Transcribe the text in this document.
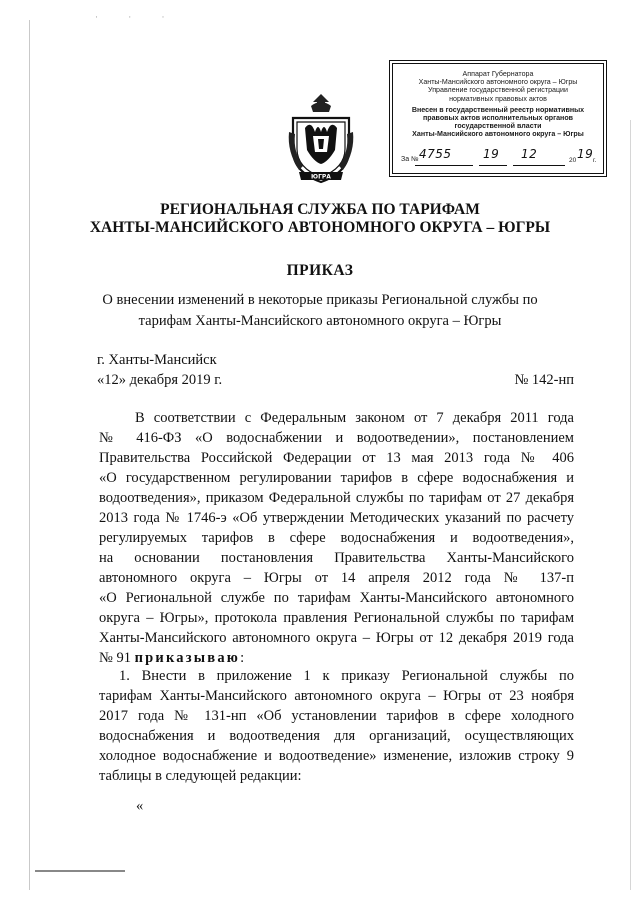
· · ·
ЮГРА
Аппарат Губернатора
Ханты-Мансийского автономного округа – Югры
Управление государственной регистрации
нормативных правовых актов
Внесен в государственный реестр нормативных
правовых актов исполнительных органов
государственной власти
Ханты-Мансийского автономного округа – Югры
За № 4755	19 12	20 19 г.
РЕГИОНАЛЬНАЯ СЛУЖБА ПО ТАРИФАМ
ХАНТЫ-МАНСИЙСКОГО АВТОНОМНОГО ОКРУГА – ЮГРЫ
ПРИКАЗ
О внесении изменений в некоторые приказы Региональной службы по
тарифам Ханты-Мансийского автономного округа – Югры
г. Ханты-Мансийск
«12» декабря 2019 г.	№ 142-нп
В соответствии с Федеральным законом от 7 декабря 2011 года
№ 416-ФЗ «О водоснабжении и водоотведении», постановлением
Правительства Российской Федерации от 13 мая 2013 года № 406
«О государственном регулировании тарифов в сфере водоснабжения и
водоотведения», приказом Федеральной службы по тарифам от 27 декабря
2013 года № 1746-э «Об утверждении Методических указаний по расчету
регулируемых тарифов в сфере водоснабжения и водоотведения»,
на основании постановления Правительства Ханты-Мансийского
автономного округа – Югры от 14 апреля 2012 года № 137-п
«О Региональной службе по тарифам Ханты-Мансийского автономного
округа – Югры», протокола правления Региональной службы по тарифам
Ханты-Мансийского автономного округа – Югры от 12 декабря 2019 года
№ 91 приказываю:
1. Внести в приложение 1 к приказу Региональной службы по
тарифам Ханты-Мансийского автономного округа – Югры от 23 ноября
2017 года № 131-нп «Об установлении тарифов в сфере холодного
водоснабжения и водоотведения для организаций, осуществляющих
холодное водоснабжение и водоотведение» изменение, изложив строку 9
таблицы в следующей редакции:
«
